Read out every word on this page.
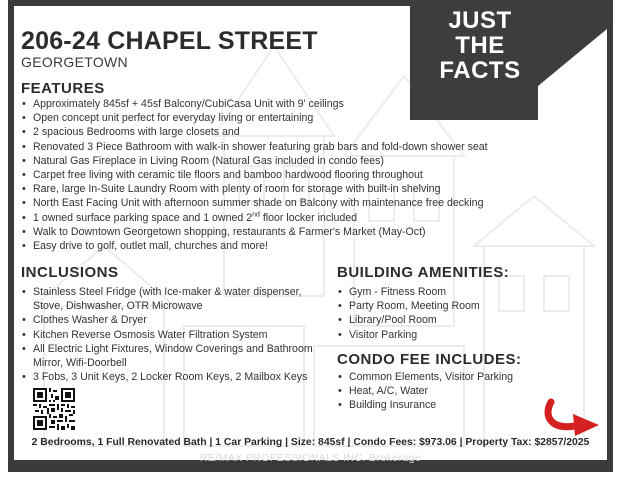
JUST
THE
FACTS
206-24 CHAPEL STREET
GEORGETOWN
FEATURES
• Approximately 845sf + 45sf Balcony/CubiCasa Unit with 9' ceilings
• Open concept unit perfect for everyday living or entertaining
• 2 spacious Bedrooms with large closets and
• Renovated 3 Piece Bathroom with walk-in shower featuring grab bars and fold-down shower seat
• Natural Gas Fireplace in Living Room (Natural Gas included in condo fees)
• Carpet free living with ceramic tile floors and bamboo hardwood flooring throughout
• Rare, large In-Suite Laundry Room with plenty of room for storage with built-in shelving
• North East Facing Unit with afternoon summer shade on Balcony with maintenance free decking
• 1 owned surface parking space and 1 owned 2nd floor locker included
• Walk to Downtown Georgetown shopping, restaurants & Farmer's Market (May-Oct)
• Easy drive to golf, outlet mall, churches and more!
INCLUSIONS
• Stainless Steel Fridge (with Ice-maker & water dispenser, Stove, Dishwasher, OTR Microwave
• Clothes Washer & Dryer
• Kitchen Reverse Osmosis Water Filtration System
• All Electric Light Fixtures, Window Coverings and Bathroom Mirror, Wifi-Doorbell
• 3 Fobs, 3 Unit Keys, 2 Locker Room Keys, 2 Mailbox Keys
BUILDING AMENITIES:
• Gym - Fitness Room
• Party Room, Meeting Room
• Library/Pool Room
• Visitor Parking
CONDO FEE INCLUDES:
• Common Elements, Visitor Parking
• Heat, A/C, Water
• Building Insurance
2 Bedrooms, 1 Full Renovated Bath | 1 Car Parking | Size: 845sf | Condo Fees: $973.06 | Property Tax: $2857/2025
RE/MAX PROFESSIONALS INC. Brokerage
